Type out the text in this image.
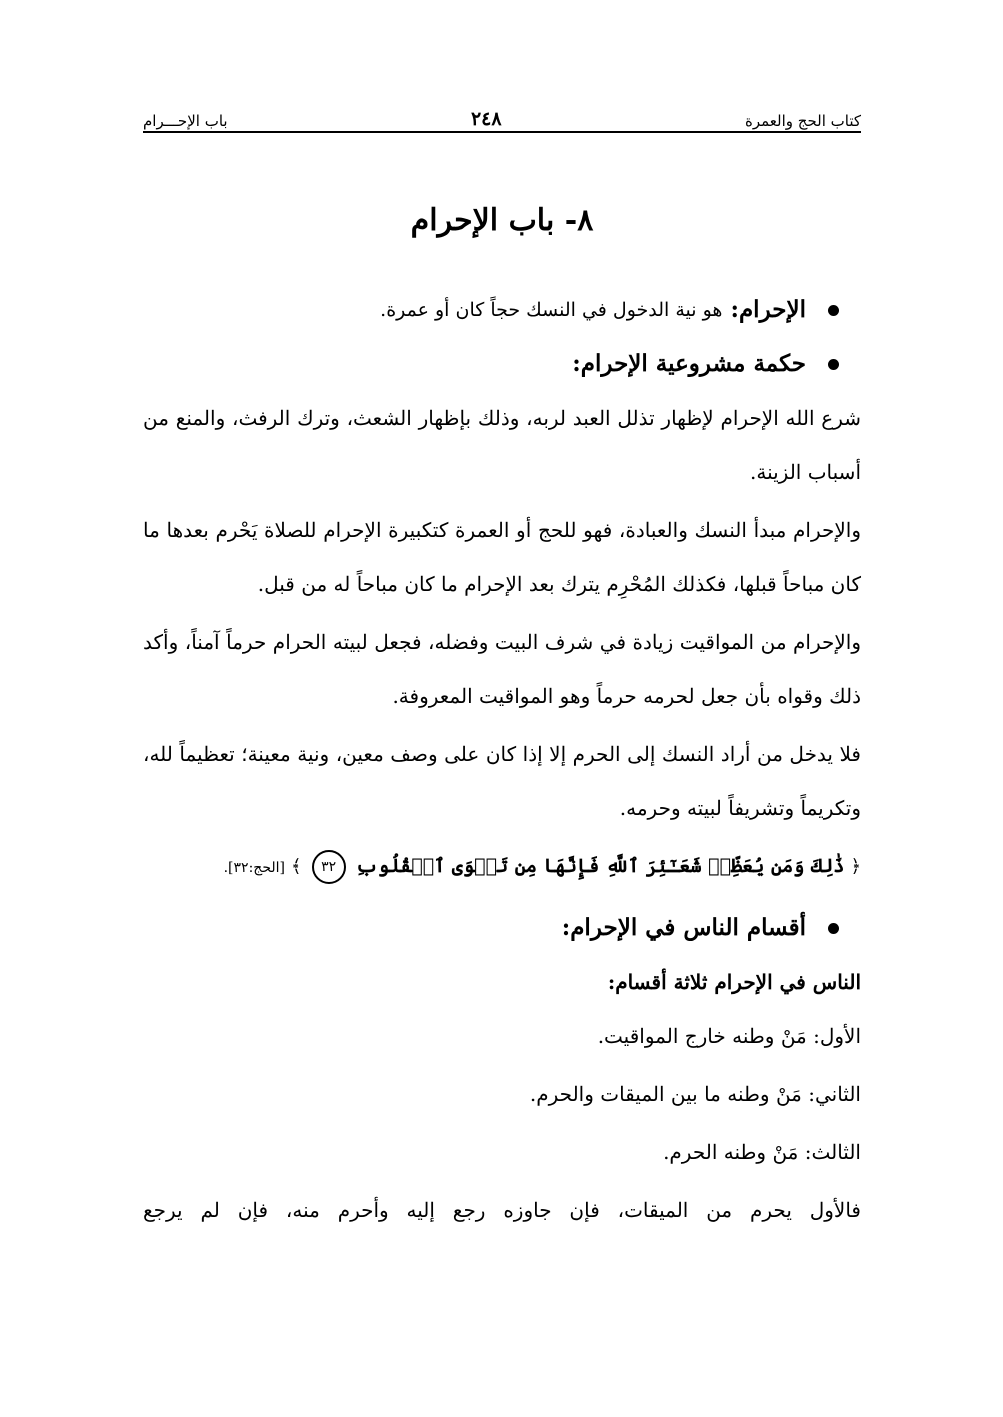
كتاب الحج والعمرة
٢٤٨
باب الإحـــرام
٨- باب الإحرام
الإحرام:
هو نية الدخول في النسك حجاً كان أو عمرة.
حكمة مشروعية الإحرام:

شرع الله الإحرام لإظهار تذلل العبد لربه، وذلك بإظهار الشعث، وترك الرفث، والمنع من أسباب الزينة.

والإحرام مبدأ النسك والعبادة، فهو للحج أو العمرة كتكبيرة الإحرام للصلاة يَحْرم بعدها ما كان مباحاً قبلها، فكذلك المُحْرِم يترك بعد الإحرام ما كان مباحاً له من قبل.

والإحرام من المواقيت زيادة في شرف البيت وفضله، فجعل لبيته الحرام حرماً آمناً، وأكد ذلك وقواه بأن جعل لحرمه حرماً وهو المواقيت المعروفة.

فلا يدخل من أراد النسك إلى الحرم إلا إذا كان على وصف معين، ونية معينة؛ تعظيماً لله، وتكريماً وتشريفاً لبيته وحرمه.

﴿ ذَٰلِكَ وَمَن يُعَظِّمۡ شَعَـٰٓئِرَ ٱللَّهِ فَإِنَّهَا مِن تَقۡوَى ٱلۡقُلُوبِ ٣٢ ﴾ [الحج:٣٢].

أقسام الناس في الإحرام:

الناس في الإحرام ثلاثة أقسام:

الأول: مَنْ وطنه خارج المواقيت.

الثاني: مَنْ وطنه ما بين الميقات والحرم.

الثالث: مَنْ وطنه الحرم.

فالأول يحرم من الميقات، فإن جاوزه رجع إليه وأحرم منه، فإن لم يرجع
